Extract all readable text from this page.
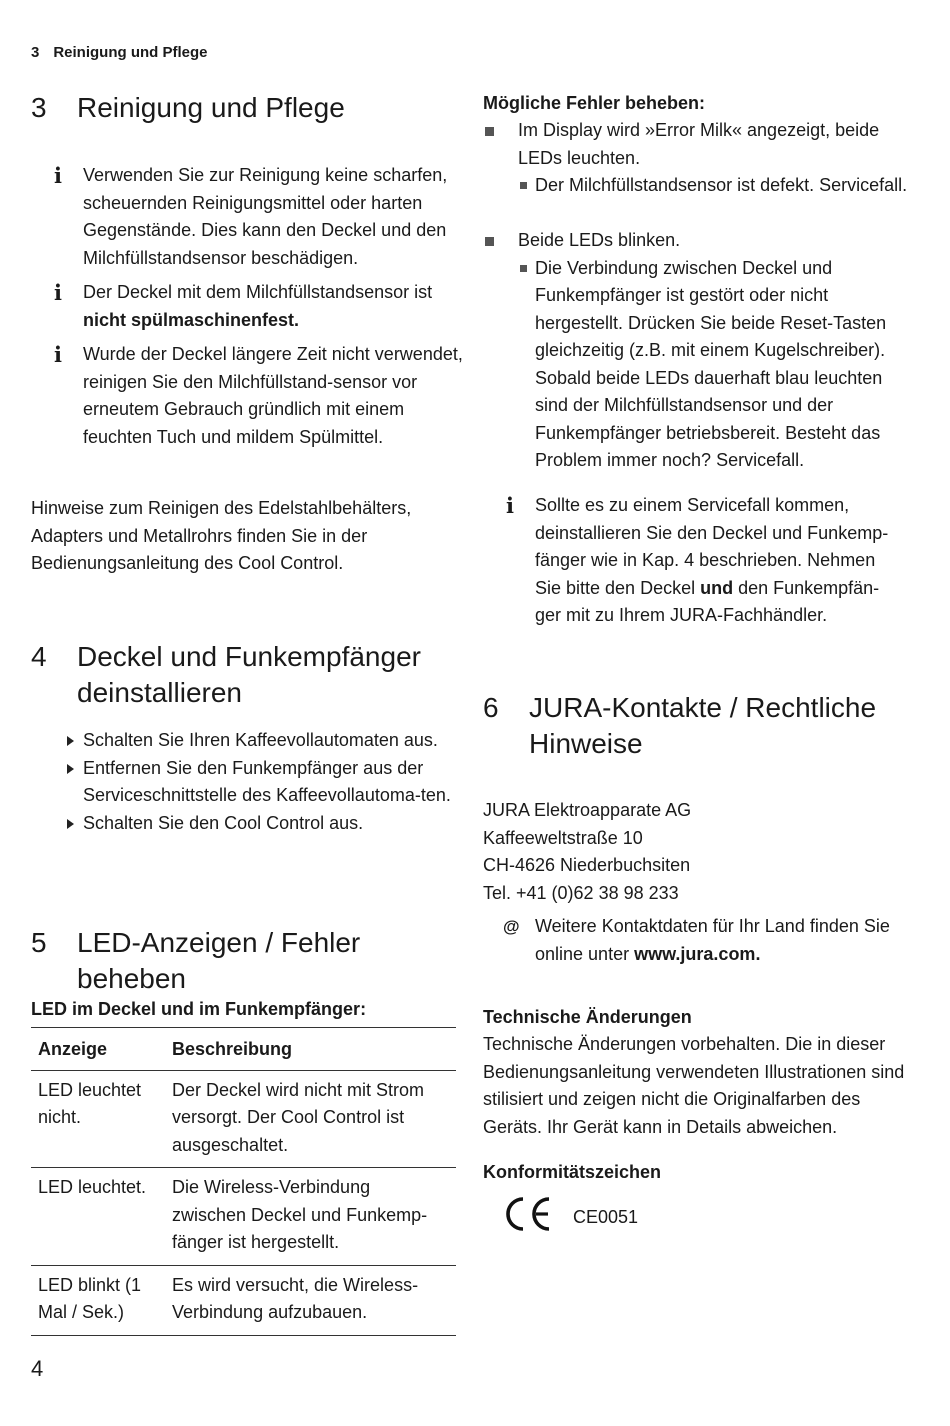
3 Reinigung und Pflege
3 Reinigung und Pflege
i Verwenden Sie zur Reinigung keine scharfen, scheuernden Reinigungsmittel oder harten Gegenstände. Dies kann den Deckel und den Milchfüllstandsensor beschädigen.
i Der Deckel mit dem Milchfüllstandsensor ist nicht spülmaschinenfest.
i Wurde der Deckel längere Zeit nicht verwendet, reinigen Sie den Milchfüllstand-sensor vor erneutem Gebrauch gründlich mit einem feuchten Tuch und mildem Spülmittel.
Hinweise zum Reinigen des Edelstahlbehälters, Adapters und Metallrohrs finden Sie in der Bedienungsanleitung des Cool Control.
4 Deckel und Funkempfänger deinstallieren
Schalten Sie Ihren Kaffeevollautomaten aus.
Entfernen Sie den Funkempfänger aus der Serviceschnittstelle des Kaffeevollautoma-ten.
Schalten Sie den Cool Control aus.
5 LED-Anzeigen / Fehler beheben
LED im Deckel und im Funkempfänger:
Anzeige	Beschreibung
LED leuchtet nicht.	Der Deckel wird nicht mit Strom versorgt. Der Cool Control ist ausgeschaltet.
LED leuchtet.	Die Wireless-Verbindung zwischen Deckel und Funkemp-fänger ist hergestellt.
LED blinkt (1 Mal / Sek.)	Es wird versucht, die Wireless-Verbindung aufzubauen.
Mögliche Fehler beheben:
Im Display wird »Error Milk« angezeigt, beide LEDs leuchten.
Der Milchfüllstandsensor ist defekt. Servicefall.
Beide LEDs blinken.
Die Verbindung zwischen Deckel und Funkempfänger ist gestört oder nicht hergestellt. Drücken Sie beide Reset-Tasten gleichzeitig (z.B. mit einem Kugelschreiber). Sobald beide LEDs dauerhaft blau leuchten sind der Milchfüllstandsensor und der Funkempfänger betriebsbereit. Besteht das Problem immer noch? Servicefall.
i Sollte es zu einem Servicefall kommen, deinstallieren Sie den Deckel und Funkemp-fänger wie in Kap. 4 beschrieben. Nehmen Sie bitte den Deckel und den Funkempfän-ger mit zu Ihrem JURA-Fachhändler.
6 JURA-Kontakte / Rechtliche Hinweise
JURA Elektroapparate AG
Kaffeeweltstraße 10
CH-4626 Niederbuchsiten
Tel. +41 (0)62 38 98 233
Weitere Kontaktdaten für Ihr Land finden Sie online unter www.jura.com.
Technische Änderungen
Technische Änderungen vorbehalten. Die in dieser Bedienungsanleitung verwendeten Illustrationen sind stilisiert und zeigen nicht die Originalfarben des Geräts. Ihr Gerät kann in Details abweichen.
Konformitätszeichen
CE0051
@
4
